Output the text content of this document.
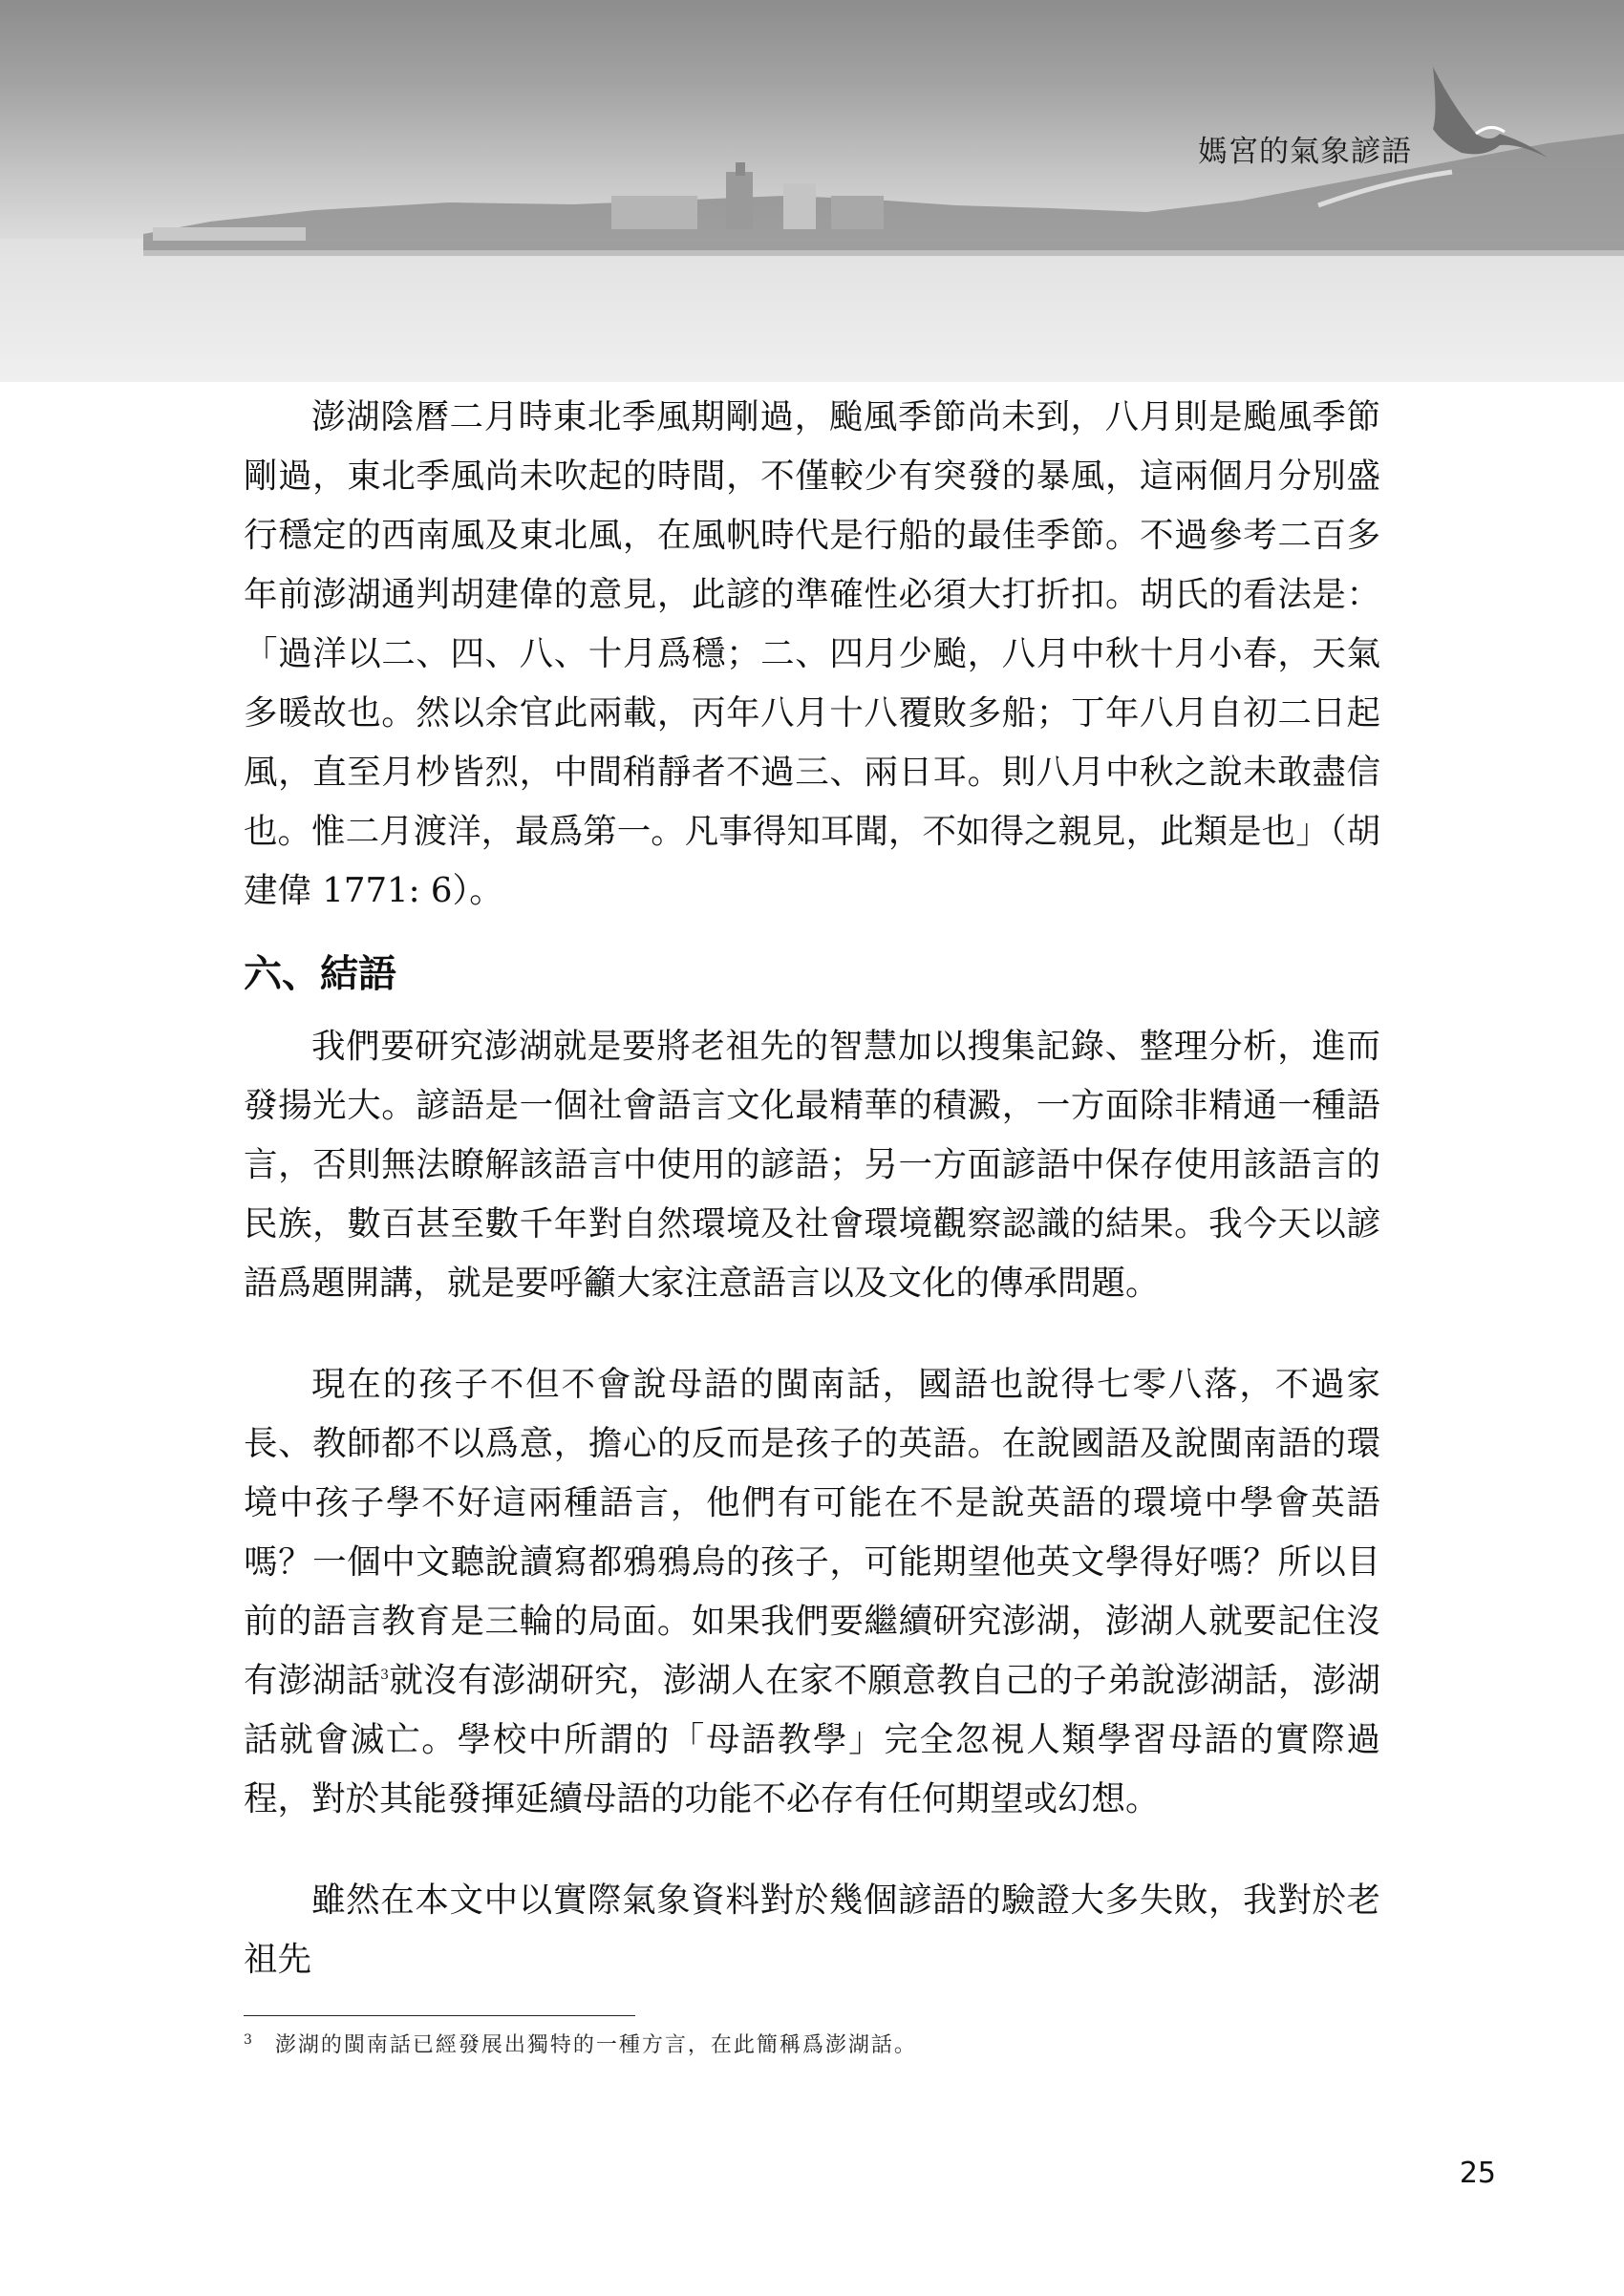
媽宮的氣象諺語

澎湖陰曆二月時東北季風期剛過，颱風季節尚未到，八月則是颱風季節剛過，東北季風尚未吹起的時間，不僅較少有突發的暴風，這兩個月分別盛行穩定的西南風及東北風，在風帆時代是行船的最佳季節。不過參考二百多年前澎湖通判胡建偉的意見，此諺的準確性必須大打折扣。胡氏的看法是：「過洋以二、四、八、十月爲穩；二、四月少颱，八月中秋十月小春，天氣多暖故也。然以余官此兩載，丙年八月十八覆敗多船；丁年八月自初二日起風，直至月杪皆烈，中間稍靜者不過三、兩日耳。則八月中秋之說未敢盡信也。惟二月渡洋，最爲第一。凡事得知耳聞，不如得之親見，此類是也」（胡建偉 1771: 6）。

六、結語

我們要研究澎湖就是要將老祖先的智慧加以搜集記錄、整理分析，進而發揚光大。諺語是一個社會語言文化最精華的積澱，一方面除非精通一種語言，否則無法瞭解該語言中使用的諺語；另一方面諺語中保存使用該語言的民族，數百甚至數千年對自然環境及社會環境觀察認識的結果。我今天以諺語爲題開講，就是要呼籲大家注意語言以及文化的傳承問題。

現在的孩子不但不會說母語的閩南話，國語也說得七零八落，不過家長、教師都不以爲意，擔心的反而是孩子的英語。在說國語及說閩南語的環境中孩子學不好這兩種語言，他們有可能在不是說英語的環境中學會英語嗎？一個中文聽說讀寫都鴉鴉烏的孩子，可能期望他英文學得好嗎？所以目前的語言教育是三輪的局面。如果我們要繼續研究澎湖，澎湖人就要記住沒有澎湖話$^3$就沒有澎湖研究，澎湖人在家不願意教自己的子弟說澎湖話，澎湖話就會滅亡。學校中所謂的「母語教學」完全忽視人類學習母語的實際過程，對於其能發揮延續母語的功能不必存有任何期望或幻想。

雖然在本文中以實際氣象資料對於幾個諺語的驗證大多失敗，我對於老祖先

$^3$ 澎湖的閩南話已經發展出獨特的一種方言，在此簡稱爲澎湖話。
25
